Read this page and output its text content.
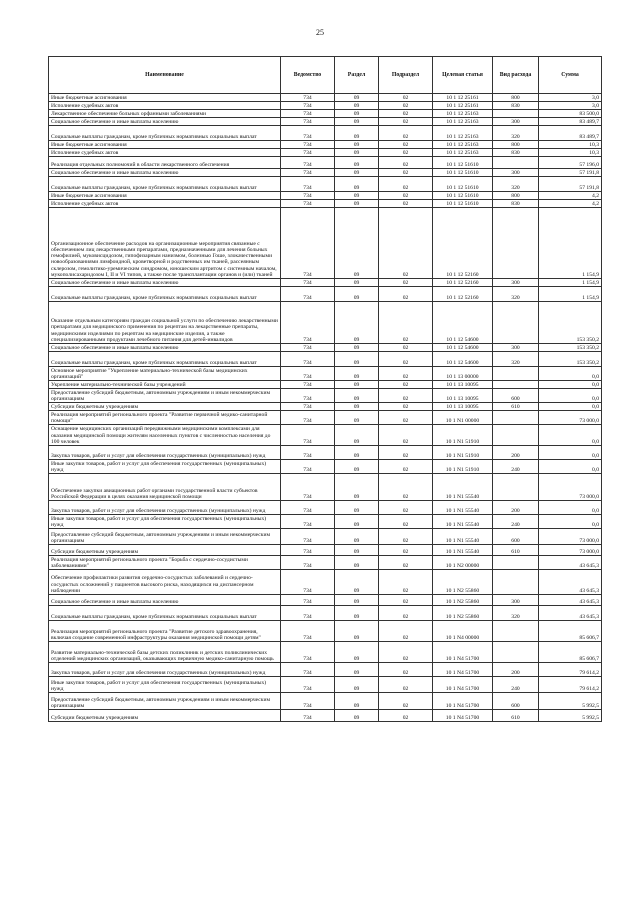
25
Наименование	Ведомство	Раздел	Подраздел	Целевая статья	Вид расхода	Сумма
Иные бюджетные ассигнования	734	09	02	10 1 12 25161	800	3,0
Исполнение судебных актов	734	09	02	10 1 12 25161	830	3,0
Лекарственное обеспечение больных орфанными заболеваниями	734	09	02	10 1 12 25163		83 500,0
Социальное обеспечение и иные выплаты населению	734	09	02	10 1 12 25163	300	83 489,7
Социальные выплаты гражданам, кроме публичных нормативных социальных выплат	734	09	02	10 1 12 25163	320	83 489,7
Иные бюджетные ассигнования	734	09	02	10 1 12 25163	800	10,3
Исполнение судебных актов	734	09	02	10 1 12 25163	830	10,3
Реализация отдельных полномочий в области лекарственного обеспечения	734	09	02	10 1 12 51610		57 196,0
Социальное обеспечение и иные выплаты населению	734	09	02	10 1 12 51610	300	57 191,8
Социальные выплаты гражданам, кроме публичных нормативных социальных выплат	734	09	02	10 1 12 51610	320	57 191,8
Иные бюджетные ассигнования	734	09	02	10 1 12 51610	800	4,2
Исполнение судебных актов	734	09	02	10 1 12 51610	830	4,2
Организационное обеспечение расходов на организационные мероприятия связанные с обеспечением лиц лекарственными препаратами, предназначенными для лечения больных гемофилией, муковисцидозом, гипофизарным нанизмом, болезнью Гоше, злокачественными новообразованиями лимфоидной, кроветворной и родственных им тканей, рассеянным склерозом, гемолитико-уремическим синдромом, юношеским артритом с системным началом, мукополисахаридозом I, II и VI типов, а также после трансплантации органов и (или) тканей	734	09	02	10 1 12 52160		1 154,9
Социальное обеспечение и иные выплаты населению	734	09	02	10 1 12 52160	300	1 154,9
Социальные выплаты гражданам, кроме публичных нормативных социальных выплат	734	09	02	10 1 12 52160	320	1 154,9
Оказание отдельным категориям граждан социальной услуги по обеспечению лекарственными препаратами для медицинского применения по рецептам на лекарственные препараты, медицинскими изделиями по рецептам на медицинские изделия, а также специализированными продуктами лечебного питания для детей-инвалидов	734	09	02	10 1 12 54600		153 350,2
Социальное обеспечение и иные выплаты населению	734	09	02	10 1 12 54600	300	153 350,2
Социальные выплаты гражданам, кроме публичных нормативных социальных выплат	734	09	02	10 1 12 54600	320	153 350,2
Основное мероприятие "Укрепление материально-технической базы медицинских организаций"	734	09	02	10 1 13 00000		0,0
Укрепление материально-технической базы учреждений	734	09	02	10 1 13 10095		0,0
Предоставление субсидий бюджетным, автономным учреждениям и иным некоммерческим организациям	734	09	02	10 1 13 10095	600	0,0
Субсидии бюджетным учреждениям	734	09	02	10 1 13 10095	610	0,0
Реализация мероприятий регионального проекта "Развитие первичной медико-санитарной помощи"	734	09	02	10 1 N1 00000		73 000,0
Оснащение медицинских организаций передвижными медицинскими комплексами для оказания медицинской помощи жителям населенных пунктов с численностью населения до 100 человек	734	09	02	10 1 N1 51910		0,0
Закупка товаров, работ и услуг для обеспечения государственных (муниципальных) нужд	734	09	02	10 1 N1 51910	200	0,0
Иные закупки товаров, работ и услуг для обеспечения государственных (муниципальных) нужд	734	09	02	10 1 N1 51910	240	0,0
Обеспечение закупки авиационных работ органами государственной власти субъектов Российской Федерации в целях оказания медицинской помощи	734	09	02	10 1 N1 55540		73 000,0
Закупка товаров, работ и услуг для обеспечения государственных (муниципальных) нужд	734	09	02	10 1 N1 55540	200	0,0
Иные закупки товаров, работ и услуг для обеспечения государственных (муниципальных) нужд	734	09	02	10 1 N1 55540	240	0,0
Предоставление субсидий бюджетным, автономным учреждениям и иным некоммерческим организациям	734	09	02	10 1 N1 55540	600	73 000,0
Субсидии бюджетным учреждениям	734	09	02	10 1 N1 55540	610	73 000,0
Реализация мероприятий регионального проекта "Борьба с сердечно-сосудистыми заболеваниями"	734	09	02	10 1 N2 00000		43 645,3
Обеспечение профилактики развития сердечно-сосудистых заболеваний и сердечно-сосудистых осложнений у пациентов высокого риска, находящихся на диспансерном наблюдении	734	09	02	10 1 N2 55860		43 645,3
Социальное обеспечение и иные выплаты населению	734	09	02	10 1 N2 55860	300	43 645,3
Социальные выплаты гражданам, кроме публичных нормативных социальных выплат	734	09	02	10 1 N2 55860	320	43 645,3
Реализация мероприятий регионального проекта "Развитие детского здравоохранения, включая создание современной инфраструктуры оказания медицинской помощи детям"	734	09	02	10 1 N4 00000		85 606,7
Развитие материально-технической базы детских поликлиник и детских поликлинических отделений медицинских организаций, оказывающих первичную медико-санитарную помощь	734	09	02	10 1 N4 51700		85 606,7
Закупка товаров, работ и услуг для обеспечения государственных (муниципальных) нужд	734	09	02	10 1 N4 51700	200	79 614,2
Иные закупки товаров, работ и услуг для обеспечения государственных (муниципальных) нужд	734	09	02	10 1 N4 51700	240	79 614,2
Предоставление субсидий бюджетным, автономным учреждениям и иным некоммерческим организациям	734	09	02	10 1 N4 51700	600	5 992,5
Субсидии бюджетным учреждениям	734	09	02	10 1 N4 51700	610	5 992,5
